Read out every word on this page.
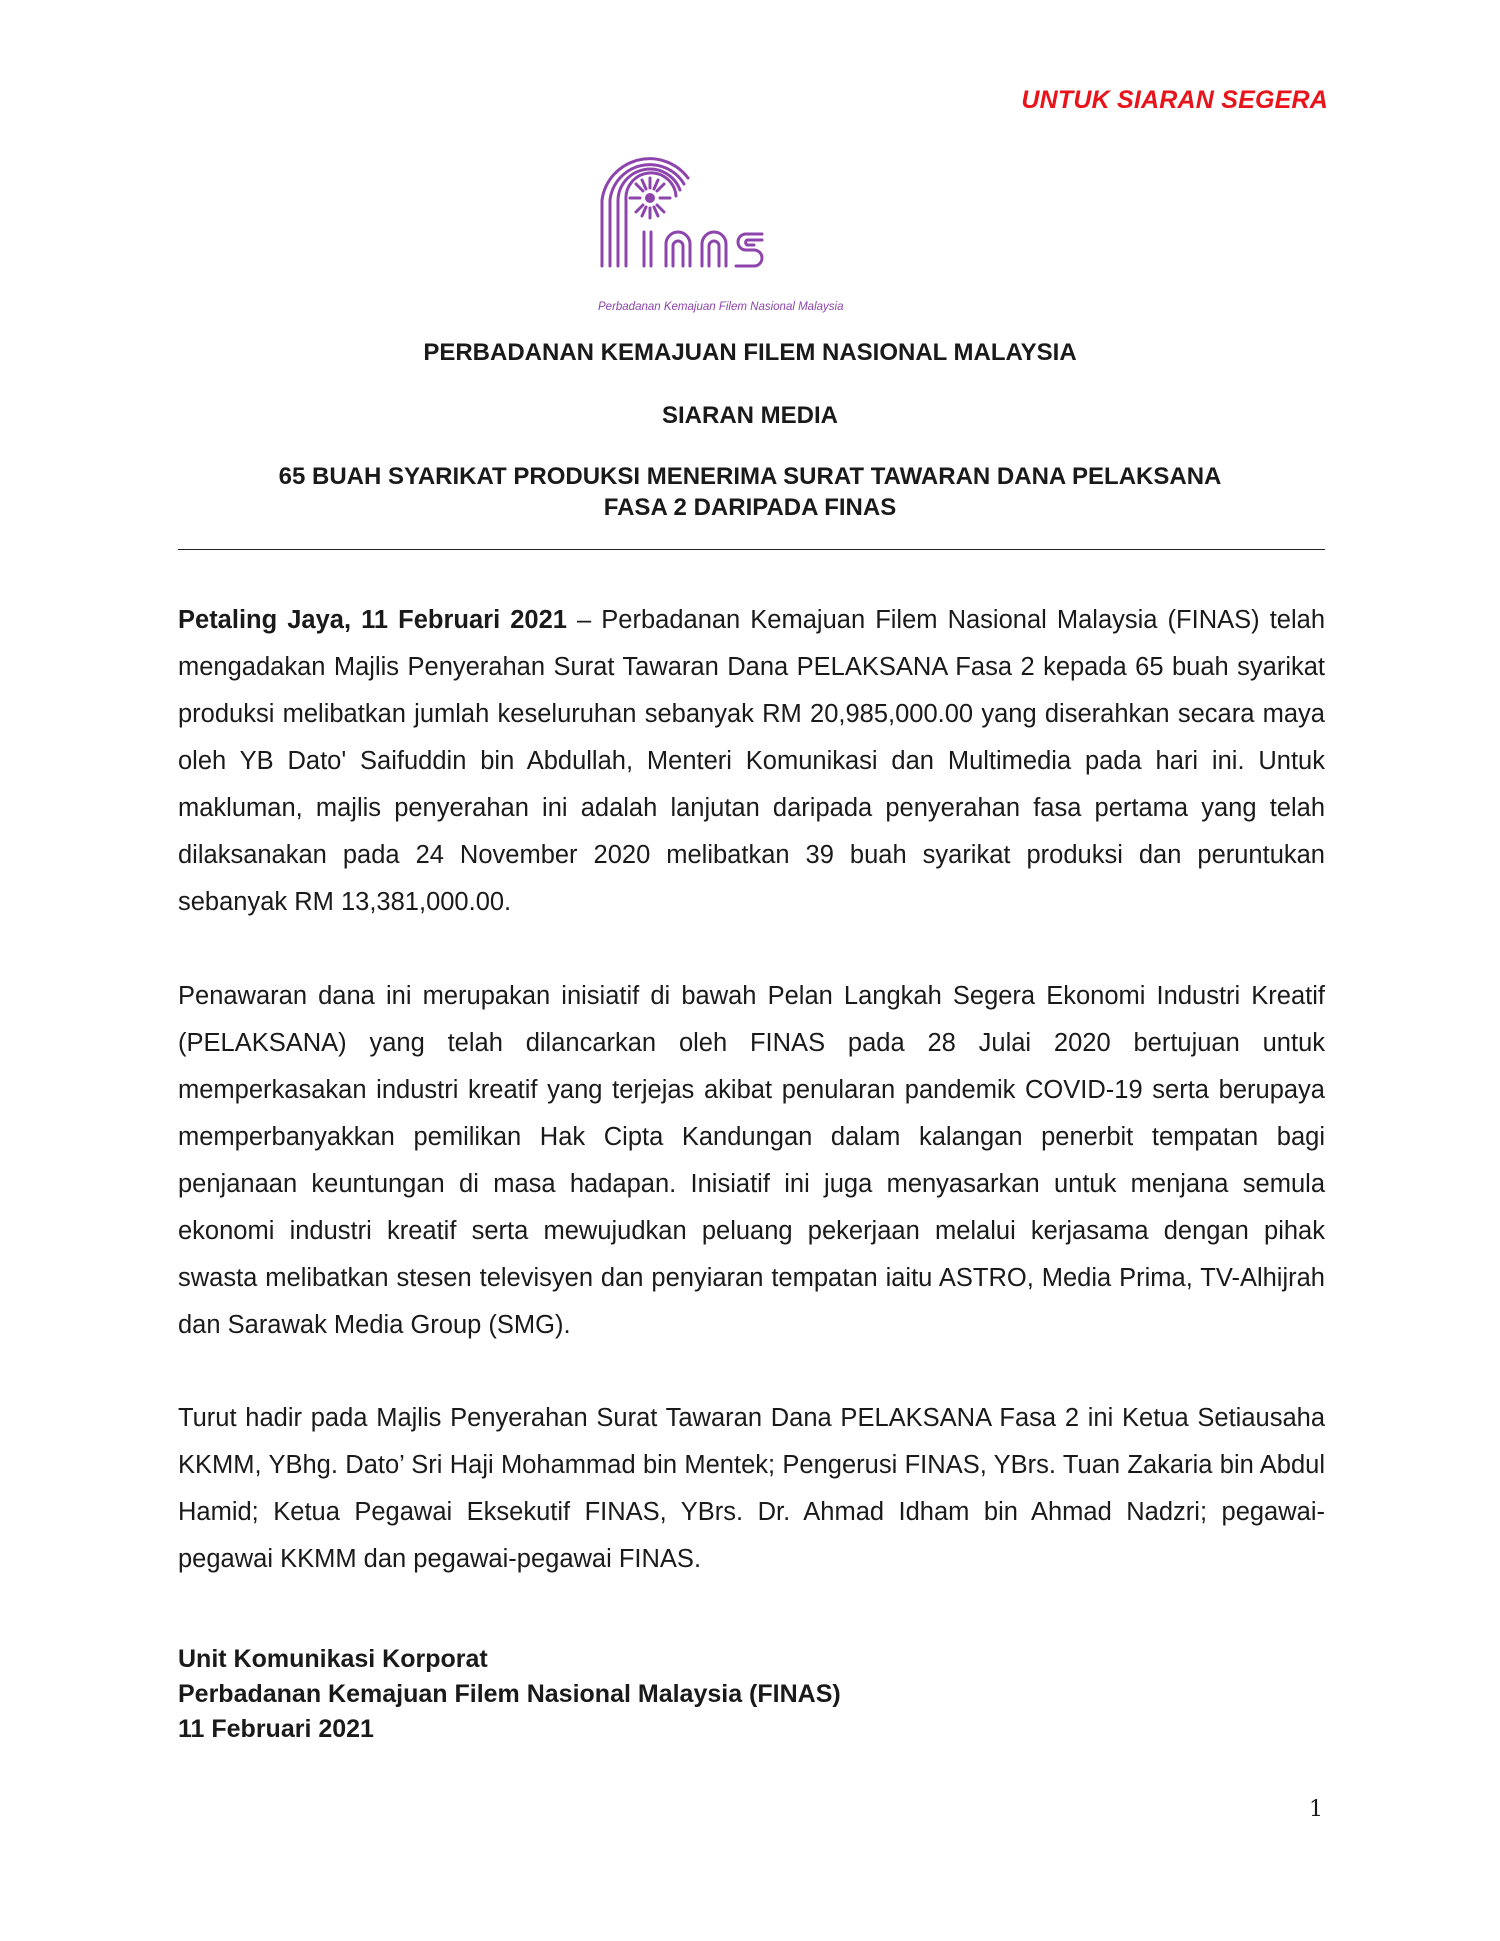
UNTUK SIARAN SEGERA
Perbadanan Kemajuan Filem Nasional Malaysia
PERBADANAN KEMAJUAN FILEM NASIONAL MALAYSIA
SIARAN MEDIA
65 BUAH SYARIKAT PRODUKSI MENERIMA SURAT TAWARAN DANA PELAKSANA
FASA 2 DARIPADA FINAS

Petaling Jaya, 11 Februari 2021 – Perbadanan Kemajuan Filem Nasional Malaysia (FINAS) telah mengadakan Majlis Penyerahan Surat Tawaran Dana PELAKSANA Fasa 2 kepada 65 buah syarikat produksi melibatkan jumlah keseluruhan sebanyak RM 20,985,000.00 yang diserahkan secara maya oleh YB Dato' Saifuddin bin Abdullah, Menteri Komunikasi dan Multimedia pada hari ini. Untuk makluman, majlis penyerahan ini adalah lanjutan daripada penyerahan fasa pertama yang telah dilaksanakan pada 24 November 2020 melibatkan 39 buah syarikat produksi dan peruntukan sebanyak RM 13,381,000.00.

Penawaran dana ini merupakan inisiatif di bawah Pelan Langkah Segera Ekonomi Industri Kreatif (PELAKSANA) yang telah dilancarkan oleh FINAS pada 28 Julai 2020 bertujuan untuk memperkasakan industri kreatif yang terjejas akibat penularan pandemik COVID-19 serta berupaya memperbanyakkan pemilikan Hak Cipta Kandungan dalam kalangan penerbit tempatan bagi penjanaan keuntungan di masa hadapan. Inisiatif ini juga menyasarkan untuk menjana semula ekonomi industri kreatif serta mewujudkan peluang pekerjaan melalui kerjasama dengan pihak swasta melibatkan stesen televisyen dan penyiaran tempatan iaitu ASTRO, Media Prima, TV-Alhijrah dan Sarawak Media Group (SMG).

Turut hadir pada Majlis Penyerahan Surat Tawaran Dana PELAKSANA Fasa 2 ini Ketua Setiausaha KKMM, YBhg. Dato’ Sri Haji Mohammad bin Mentek; Pengerusi FINAS, YBrs. Tuan Zakaria bin Abdul Hamid; Ketua Pegawai Eksekutif FINAS, YBrs. Dr. Ahmad Idham bin Ahmad Nadzri; pegawai-pegawai KKMM dan pegawai-pegawai FINAS.

Unit Komunikasi Korporat
Perbadanan Kemajuan Filem Nasional Malaysia (FINAS)
11 Februari 2021
1
